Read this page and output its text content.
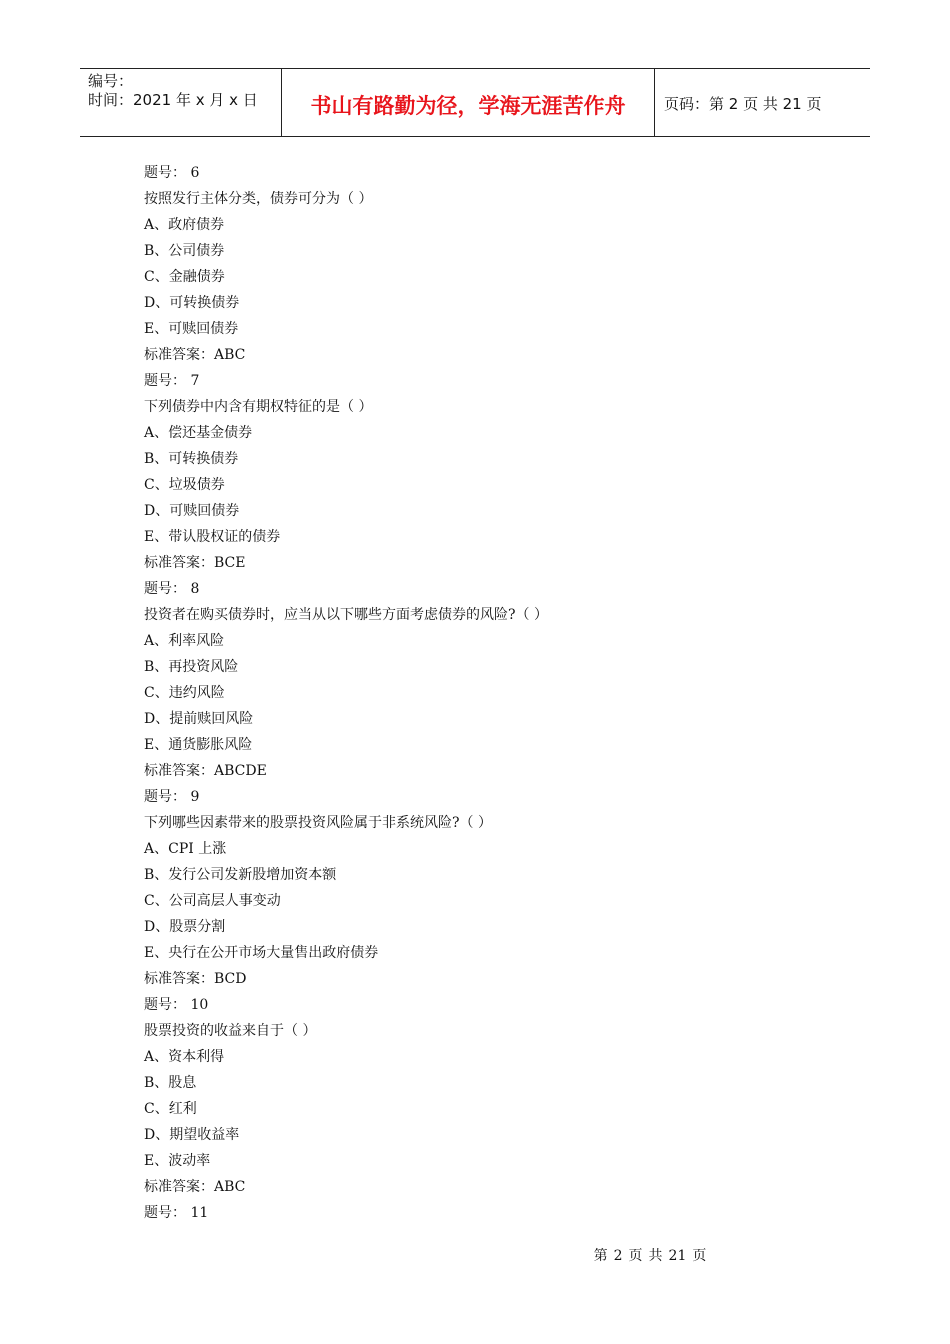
编号：
时间：2021 年 x 月 x 日	书山有路勤为径，学海无涯苦作舟	页码：第 2 页 共 21 页
题号： 6
按照发行主体分类，债券可分为（ ）
A、政府债券
B、公司债券
C、金融债券
D、可转换债券
E、可赎回债券
标准答案：ABC
题号： 7
下列债券中内含有期权特征的是（ ）
A、偿还基金债券
B、可转换债券
C、垃圾债券
D、可赎回债券
E、带认股权证的债券
标准答案：BCE
题号： 8
投资者在购买债券时，应当从以下哪些方面考虑债券的风险?（ ）
A、利率风险
B、再投资风险
C、违约风险
D、提前赎回风险
E、通货膨胀风险
标准答案：ABCDE
题号： 9
下列哪些因素带来的股票投资风险属于非系统风险?（ ）
A、CPI 上涨
B、发行公司发新股增加资本额
C、公司高层人事变动
D、股票分割
E、央行在公开市场大量售出政府债券
标准答案：BCD
题号： 10
股票投资的收益来自于（ ）
A、资本利得
B、股息
C、红利
D、期望收益率
E、波动率
标准答案：ABC
题号： 11
第 2 页 共 21 页
